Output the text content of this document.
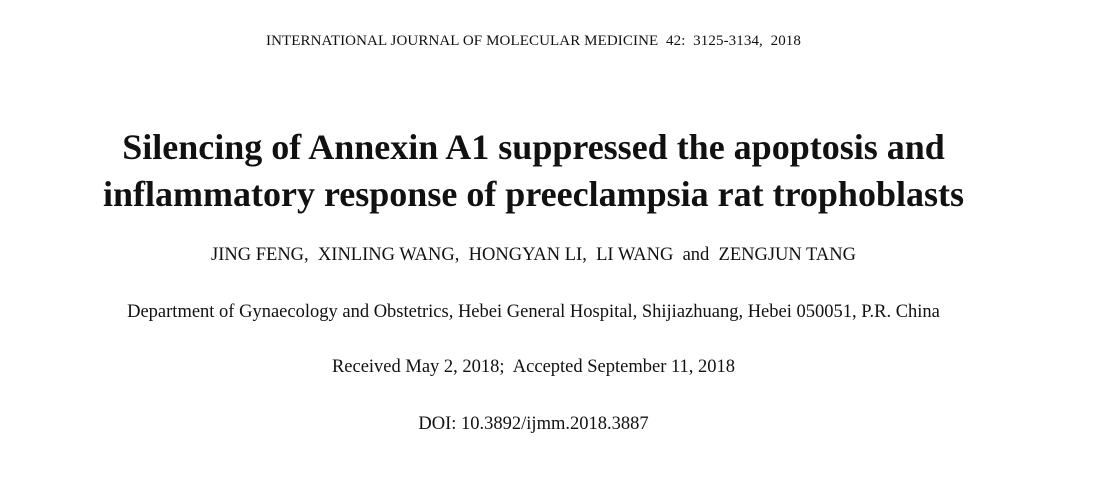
INTERNATIONAL JOURNAL OF MOLECULAR MEDICINE  42:  3125-3134,  2018
Silencing of Annexin A1 suppressed the apoptosis and
inflammatory response of preeclampsia rat trophoblasts
JING FENG,  XINLING WANG,  HONGYAN LI,  LI WANG  and  ZENGJUN TANG
Department of Gynaecology and Obstetrics, Hebei General Hospital, Shijiazhuang, Hebei 050051, P.R. China
Received May 2, 2018;  Accepted September 11, 2018
DOI: 10.3892/ijmm.2018.3887
